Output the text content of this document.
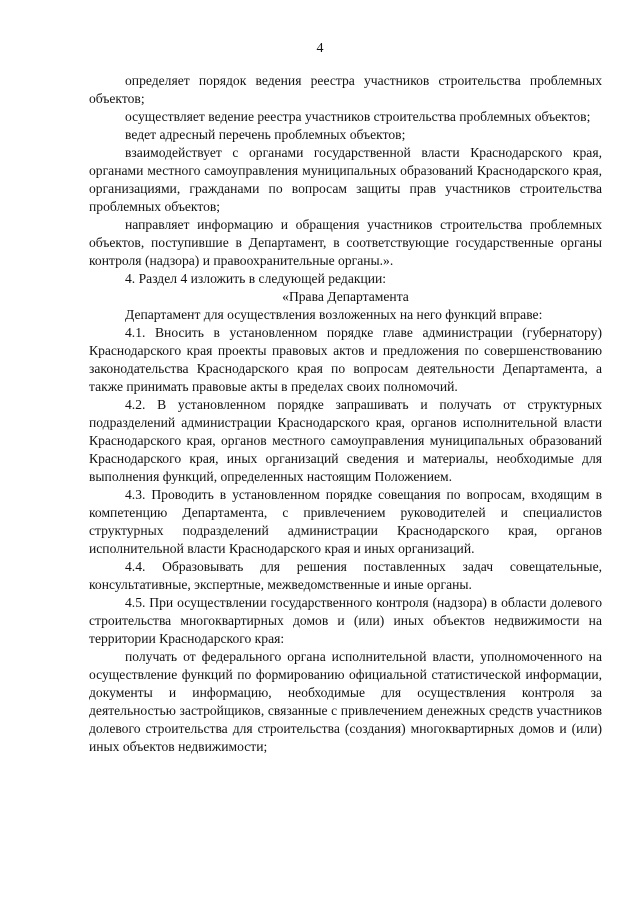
4

определяет порядок ведения реестра участников строительства проблемных объектов;

осуществляет ведение реестра участников строительства проблемных объектов;

ведет адресный перечень проблемных объектов;

взаимодействует с органами государственной власти Краснодарского края, органами местного самоуправления муниципальных образований Краснодарского края, организациями, гражданами по вопросам защиты прав участников строительства проблемных объектов;

направляет информацию и обращения участников строительства проблемных объектов, поступившие в Департамент, в соответствующие государственные органы контроля (надзора) и правоохранительные органы.».

4. Раздел 4 изложить в следующей редакции:

«Права Департамента

Департамент для осуществления возложенных на него функций вправе:

4.1. Вносить в установленном порядке главе администрации (губернатору) Краснодарского края проекты правовых актов и предложения по совершенствованию законодательства Краснодарского края по вопросам деятельности Департамента, а также принимать правовые акты в пределах своих полномочий.

4.2. В установленном порядке запрашивать и получать от структурных подразделений администрации Краснодарского края, органов исполнительной власти Краснодарского края, органов местного самоуправления муниципальных образований Краснодарского края, иных организаций сведения и материалы, необходимые для выполнения функций, определенных настоящим Положением.

4.3. Проводить в установленном порядке совещания по вопросам, входящим в компетенцию Департамента, с привлечением руководителей и специалистов структурных подразделений администрации Краснодарского края, органов исполнительной власти Краснодарского края и иных организаций.

4.4. Образовывать для решения поставленных задач совещательные, консультативные, экспертные, межведомственные и иные органы.

4.5. При осуществлении государственного контроля (надзора) в области долевого строительства многоквартирных домов и (или) иных объектов недвижимости на территории Краснодарского края:

получать от федерального органа исполнительной власти, уполномоченного на осуществление функций по формированию официальной статистической информации, документы и информацию, необходимые для осуществления контроля за деятельностью застройщиков, связанные с привлечением денежных средств участников долевого строительства для строительства (создания) многоквартирных домов и (или) иных объектов недвижимости;
